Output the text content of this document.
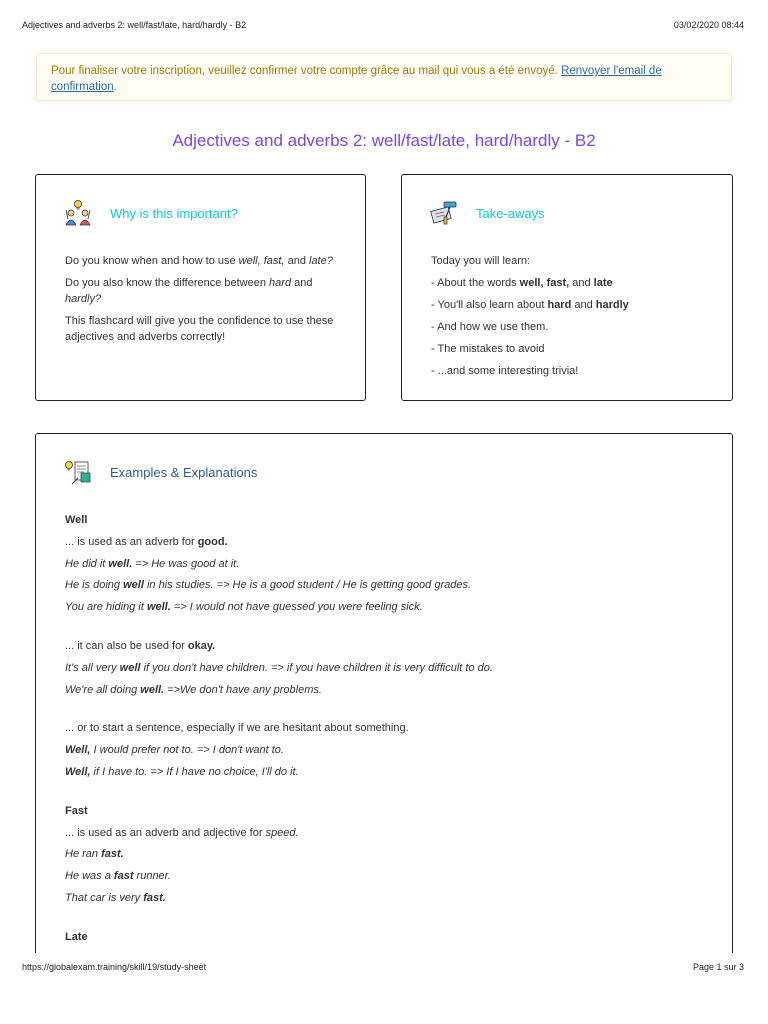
Adjectives and adverbs 2: well/fast/late, hard/hardly - B2	03/02/2020 08:44
Pour finaliser votre inscription, veuillez confirmer votre compte grâce au mail qui vous a été envoyé. Renvoyer l'email de confirmation.
Adjectives and adverbs 2: well/fast/late, hard/hardly - B2
Why is this important?

Do you know when and how to use well, fast, and late?

Do you also know the difference between hard and hardly?

This flashcard will give you the confidence to use these adjectives and adverbs correctly!

Take-aways
Today you will learn:
- About the words well, fast, and late
- You'll also learn about hard and hardly
- And how we use them.
- The mistakes to avoid
- ...and some interesting trivia!
Examples & Explanations
Well
... is used as an adverb for good.
He did it well. => He was good at it.
He is doing well in his studies. => He is a good student / He is getting good grades.
You are hiding it well. => I would not have guessed you were feeling sick.
... it can also be used for okay.
It's all very well if you don't have children. => if you have children it is very difficult to do.
We're all doing well. =>We don't have any problems.
... or to start a sentence, especially if we are hesitant about something.
Well, I would prefer not to. => I don't want to.
Well, if I have to. => If I have no choice, I'll do it.
Fast
... is used as an adverb and adjective for speed.
He ran fast.
He was a fast runner.
That car is very fast.
Late
https://globalexam.training/skill/19/study-sheet	Page 1 sur 3
